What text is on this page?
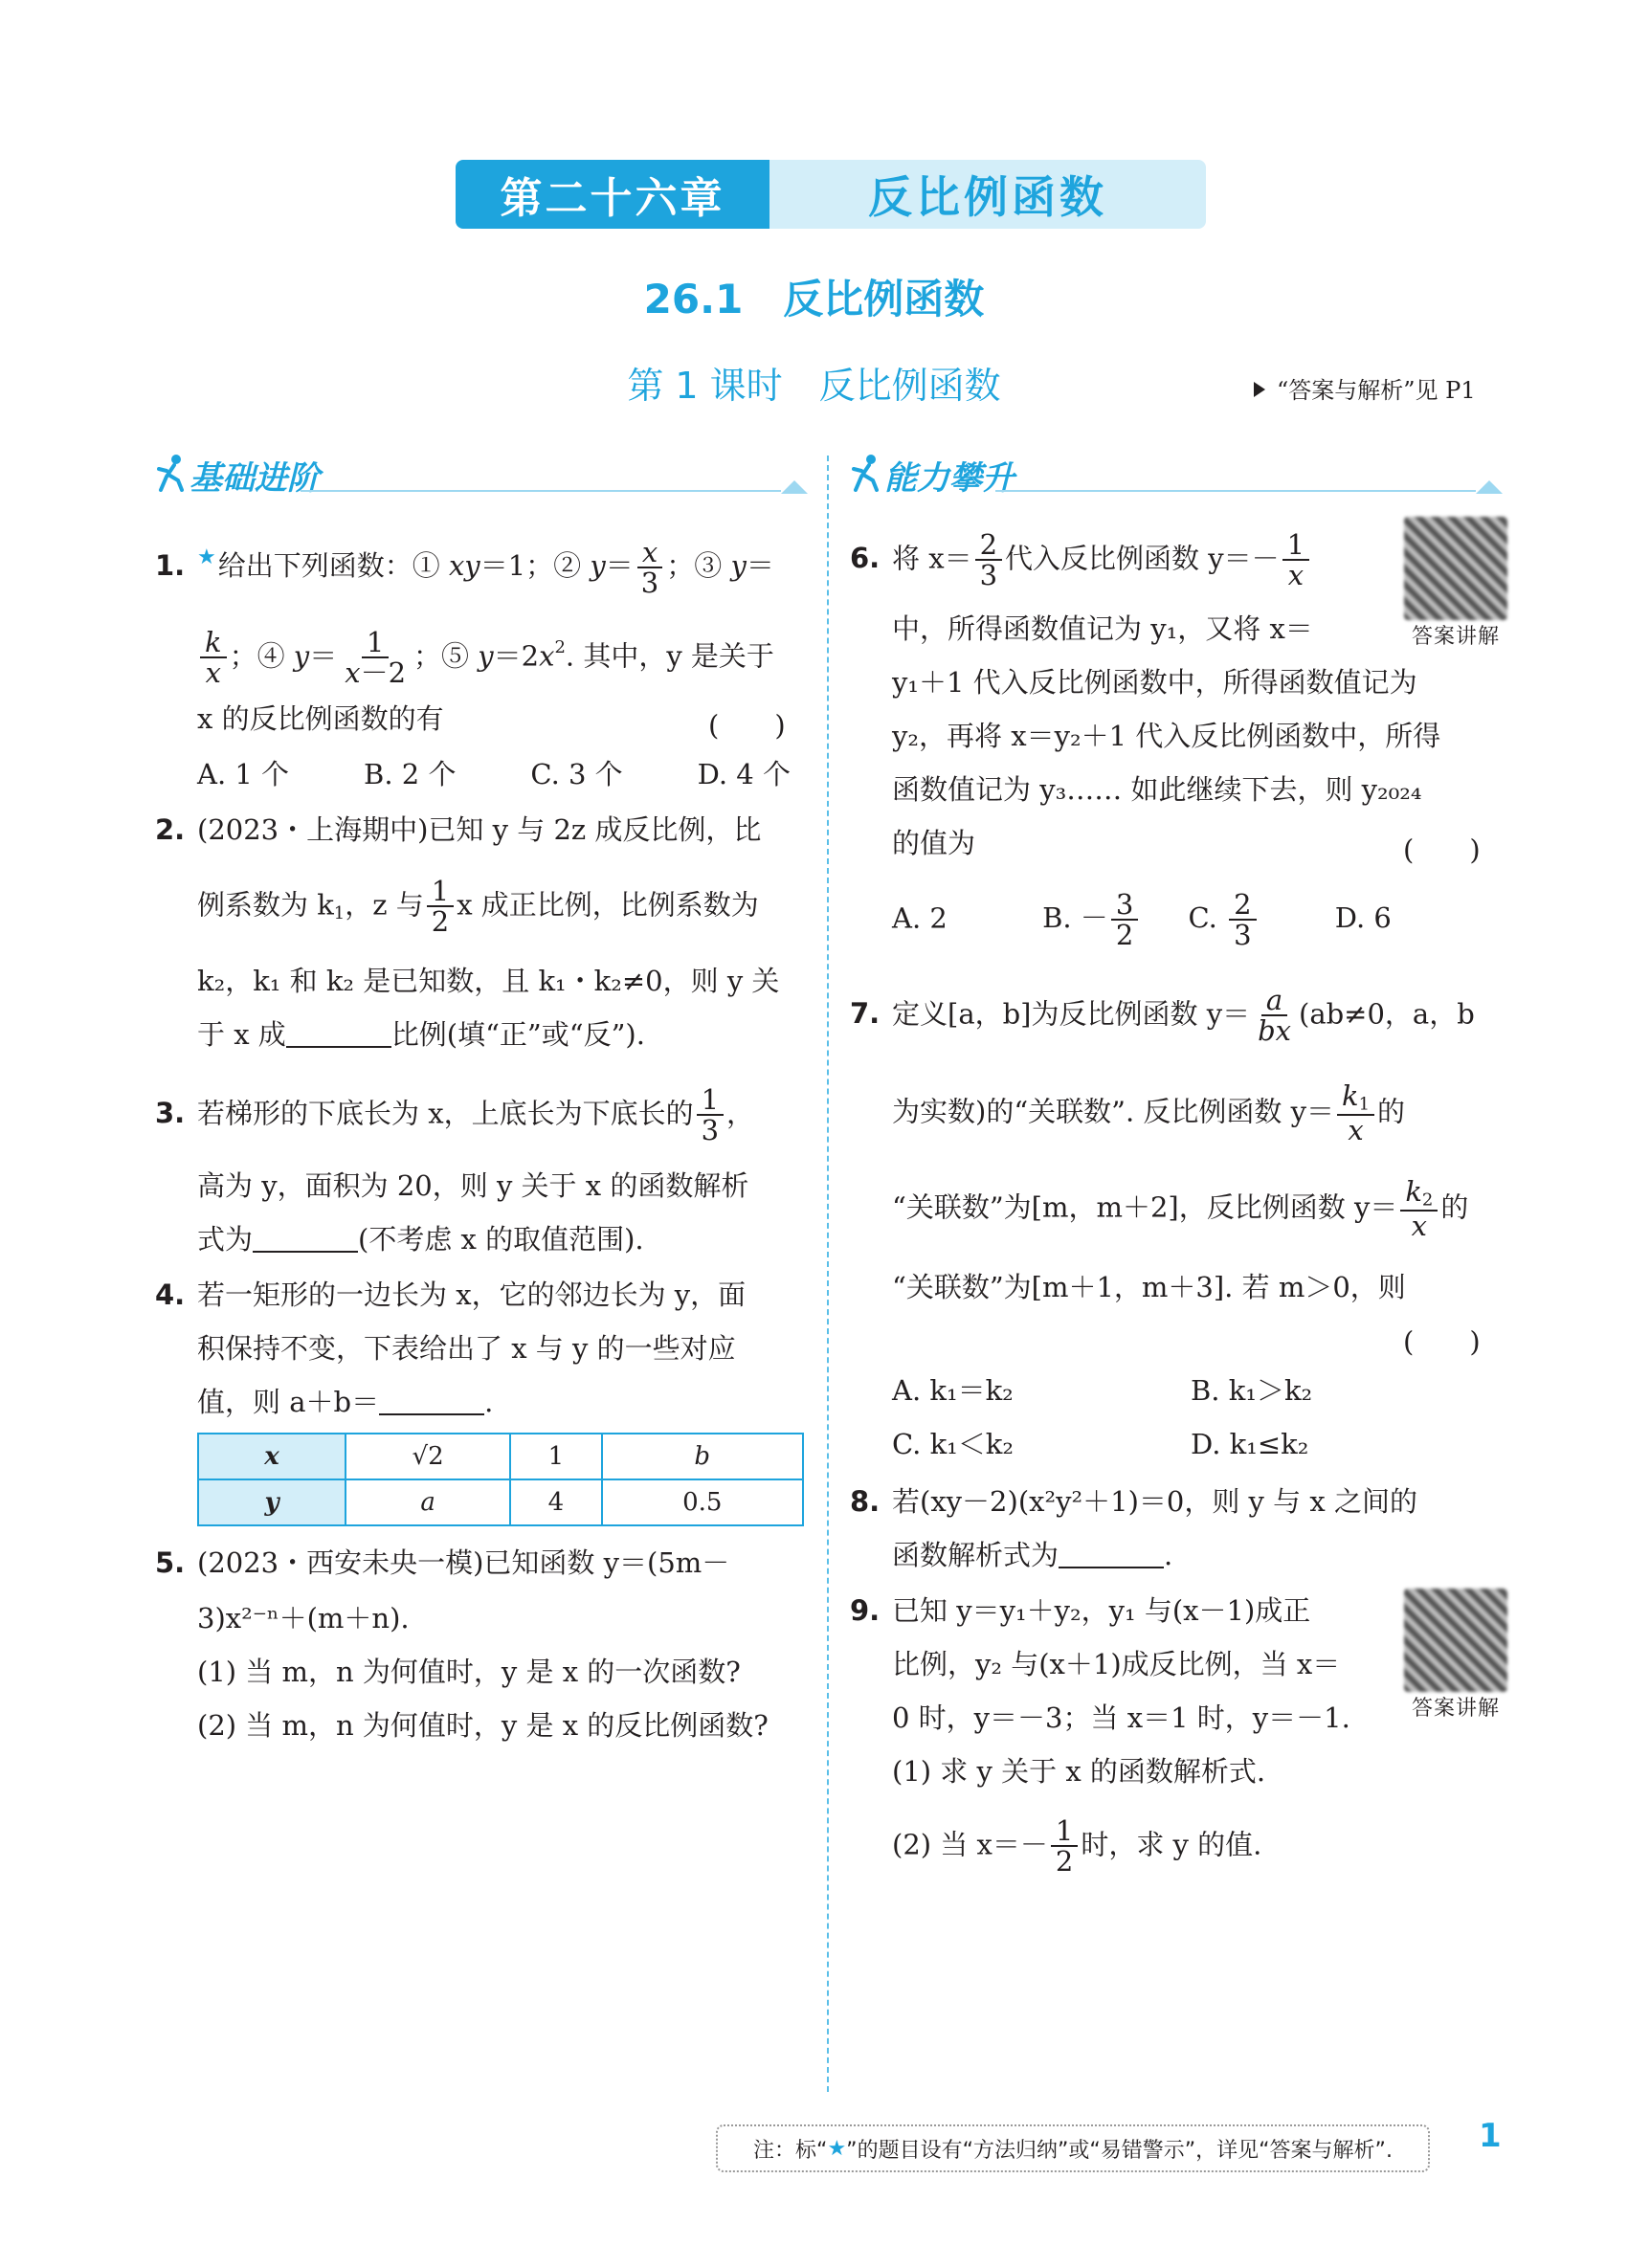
第二十六章	反比例函数
26.1　反比例函数
第 1 课时　反比例函数	“答案与解析”见 P1
基础进阶
1. ★给出下列函数：① xy＝1；② $y= \frac{x}{3}$ ；③ y＝
$\frac{k}{x}$ ；④ $y= \frac{1}{x-2}$ ；⑤ $y=2x^2$. 其中，y 是关于
x 的反比例函数的有	(　　)
A. 1 个	B. 2 个	C. 3 个	D. 4 个
2. (2023・上海期中)已知 y 与 2z 成反比例，比
例系数为 $k_1$，z 与 $\frac{1}{2}$ x 成正比例，比例系数为
k₂，k₁ 和 k₂ 是已知数，且 k₁・k₂≠0，则 y 关
于 x 成	比例(填“正”或“反”).
3. 若梯形的下底长为 x，上底长为下底长的 $\frac{1}{3}$ ，
高为 y，面积为 20，则 y 关于 x 的函数解析
式为	(不考虑 x 的取值范围).
4. 若一矩形的一边长为 x，它的邻边长为 y，面
积保持不变，下表给出了 x 与 y 的一些对应
值，则 a＋b＝	.
x	√2	1	b
y	a	4	0.5
5. (2023・西安未央一模)已知函数 y＝(5m－
3)x²⁻ⁿ＋(m＋n).
(1) 当 m，n 为何值时，y 是 x 的一次函数?
(2) 当 m，n 为何值时，y 是 x 的反比例函数?
能力攀升
答案讲解
答案讲解
6. 将 $x= \frac{2}{3}$ 代入反比例函数 $y=- \frac{1}{x}$
中，所得函数值记为 y₁，又将 x＝
y₁＋1 代入反比例函数中，所得函数值记为
y₂，再将 x＝y₂＋1 代入反比例函数中，所得
函数值记为 y₃…… 如此继续下去，则 y₂₀₂₄
的值为	(　　)
A. 2	B. － $\frac{3}{2} C$. $\frac{2}{3}$	D. 6
7. 定义[a，b]为反比例函数 $y= \frac{a}{bx} (ab\ne 0$，a，b
为实数)的“关联数”. 反比例函数 $y= \frac{k_1}{x}$ 的
“关联数”为[m，m＋2]，反比例函数 $y= \frac{k_2}{x}$ 的
“关联数”为[m＋1，m＋3]. 若 m＞0，则
(　　)
A. k₁＝k₂	B. k₁＞k₂
C. k₁＜k₂	D. k₁≤k₂
8. 若(xy－2)(x²y²＋1)＝0，则 y 与 x 之间的
函数解析式为	.
9. 已知 y＝y₁＋y₂，y₁ 与(x－1)成正
比例，y₂ 与(x＋1)成反比例，当 x＝
0 时，y＝－3；当 x＝1 时，y＝－1.
(1) 求 y 关于 x 的函数解析式.
(2) 当 $x=- \frac{1}{2}$ 时，求 y 的值.
注：标“ ★ ”的题目设有“方法归纳”或“易错警示”，详见“答案与解析”.	1
